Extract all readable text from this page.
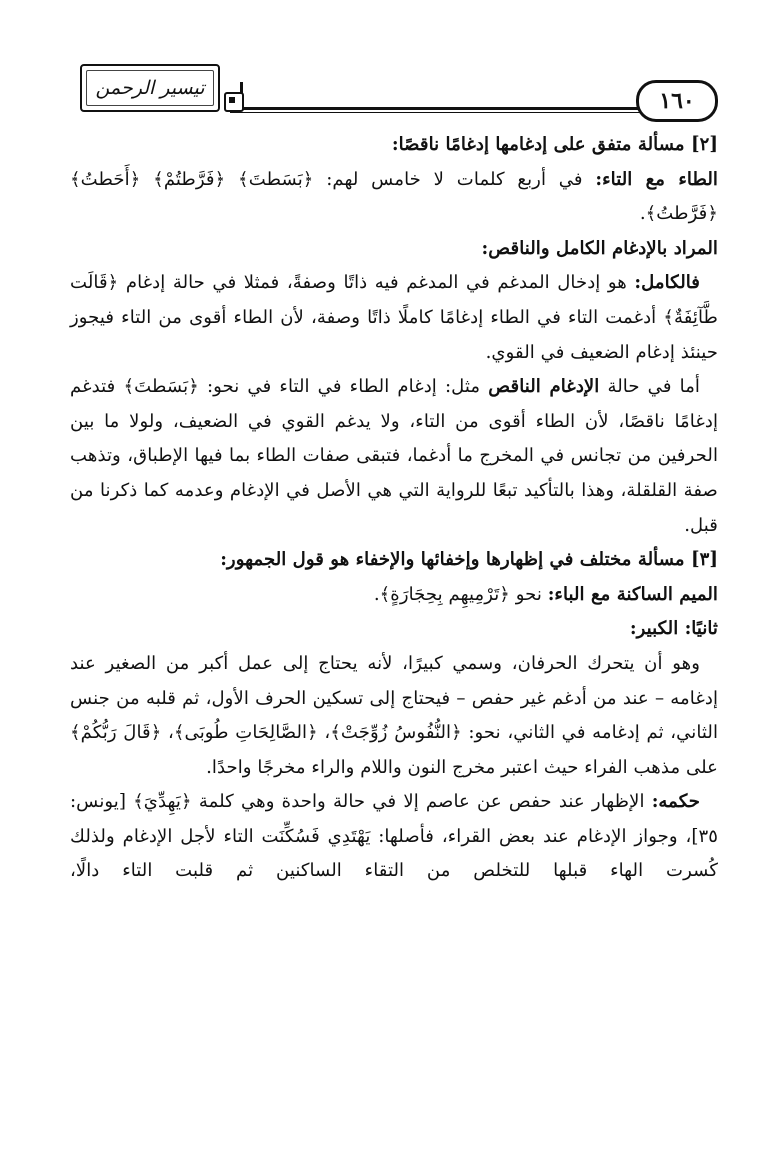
١٦٠
تيسير الرحمن

[٢] مسألة متفق على إدغامها إدغامًا ناقصًا:

الطاء مع التاء: في أربع كلمات لا خامس لهم: ﴿بَسَطتَ﴾ ﴿فَرَّطتُمْ﴾ ﴿أَحَطتُ﴾ ﴿فَرَّطتُ﴾.

المراد بالإدغام الكامل والناقص:

فالكامل: هو إدخال المدغم في المدغم فيه ذاتًا وصفةً، فمثلا في حالة إدغام ﴿قَالَت طَّآئِفَةٌ﴾ أدغمت التاء في الطاء إدغامًا كاملًا ذاتًا وصفة، لأن الطاء أقوى من التاء فيجوز حينئذ إدغام الضعيف في القوي.

أما في حالة الإدغام الناقص مثل: إدغام الطاء في التاء في نحو: ﴿بَسَطتَ﴾ فتدغم إدغامًا ناقصًا، لأن الطاء أقوى من التاء، ولا يدغم القوي في الضعيف، ولولا ما بين الحرفين من تجانس في المخرج ما أدغما، فتبقى صفات الطاء بما فيها الإطباق، وتذهب صفة القلقلة، وهذا بالتأكيد تبعًا للرواية التي هي الأصل في الإدغام وعدمه كما ذكرنا من قبل.

[٣] مسألة مختلف في إظهارها وإخفائها والإخفاء هو قول الجمهور:

الميم الساكنة مع الباء: نحو ﴿تَرْمِيهِم بِحِجَارَةٍ﴾.

ثانيًا: الكبير:

وهو أن يتحرك الحرفان، وسمي كبيرًا، لأنه يحتاج إلى عمل أكبر من الصغير عند إدغامه – عند من أدغم غير حفص – فيحتاج إلى تسكين الحرف الأول، ثم قلبه من جنس الثاني، ثم إدغامه في الثاني، نحو: ﴿النُّفُوسُ زُوِّجَتْ﴾، ﴿الصَّالِحَاتِ طُوبَى﴾، ﴿قَالَ رَبُّكُمْ﴾ على مذهب الفراء حيث اعتبر مخرج النون واللام والراء مخرجًا واحدًا.

حكمه: الإظهار عند حفص عن عاصم إلا في حالة واحدة وهي كلمة ﴿يَهِدِّيَ﴾ [يونس: ٣٥]، وجواز الإدغام عند بعض القراء، فأصلها: يَهْتَدِي فَسُكِّنَت التاء لأجل الإدغام ولذلك كُسرت الهاء قبلها للتخلص من التقاء الساكنين ثم قلبت التاء دالًا،
